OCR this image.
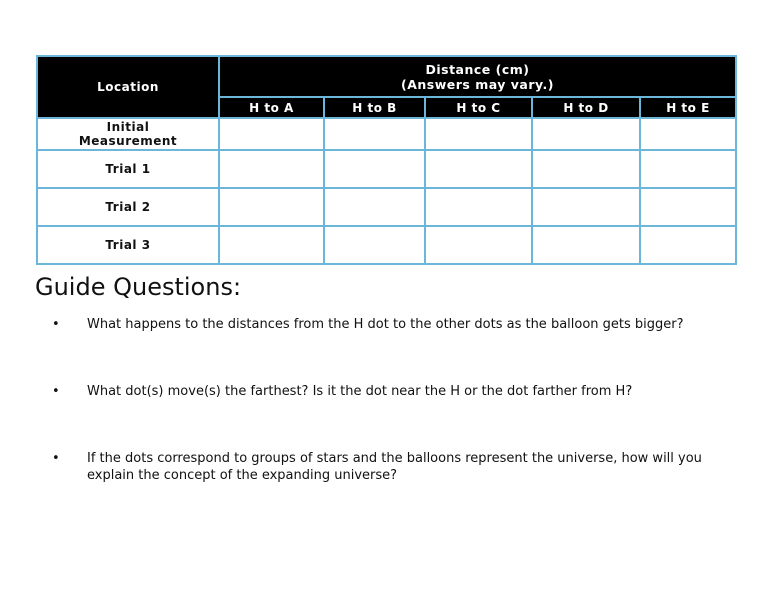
Location	Distance (cm)
(Answers may vary.)				

	H to A	H to B	H to C	H to D	H to E

Initial
Measurement					

Trial 1					
Trial 2					
Trial 3					
Guide Questions:
• What happens to the distances from the H dot to the other dots as the balloon gets bigger?
• What dot(s) move(s) the farthest? Is it the dot near the H or the dot farther from H?
• If the dots correspond to groups of stars and the balloons represent the universe, how will you explain the concept of the expanding universe?
